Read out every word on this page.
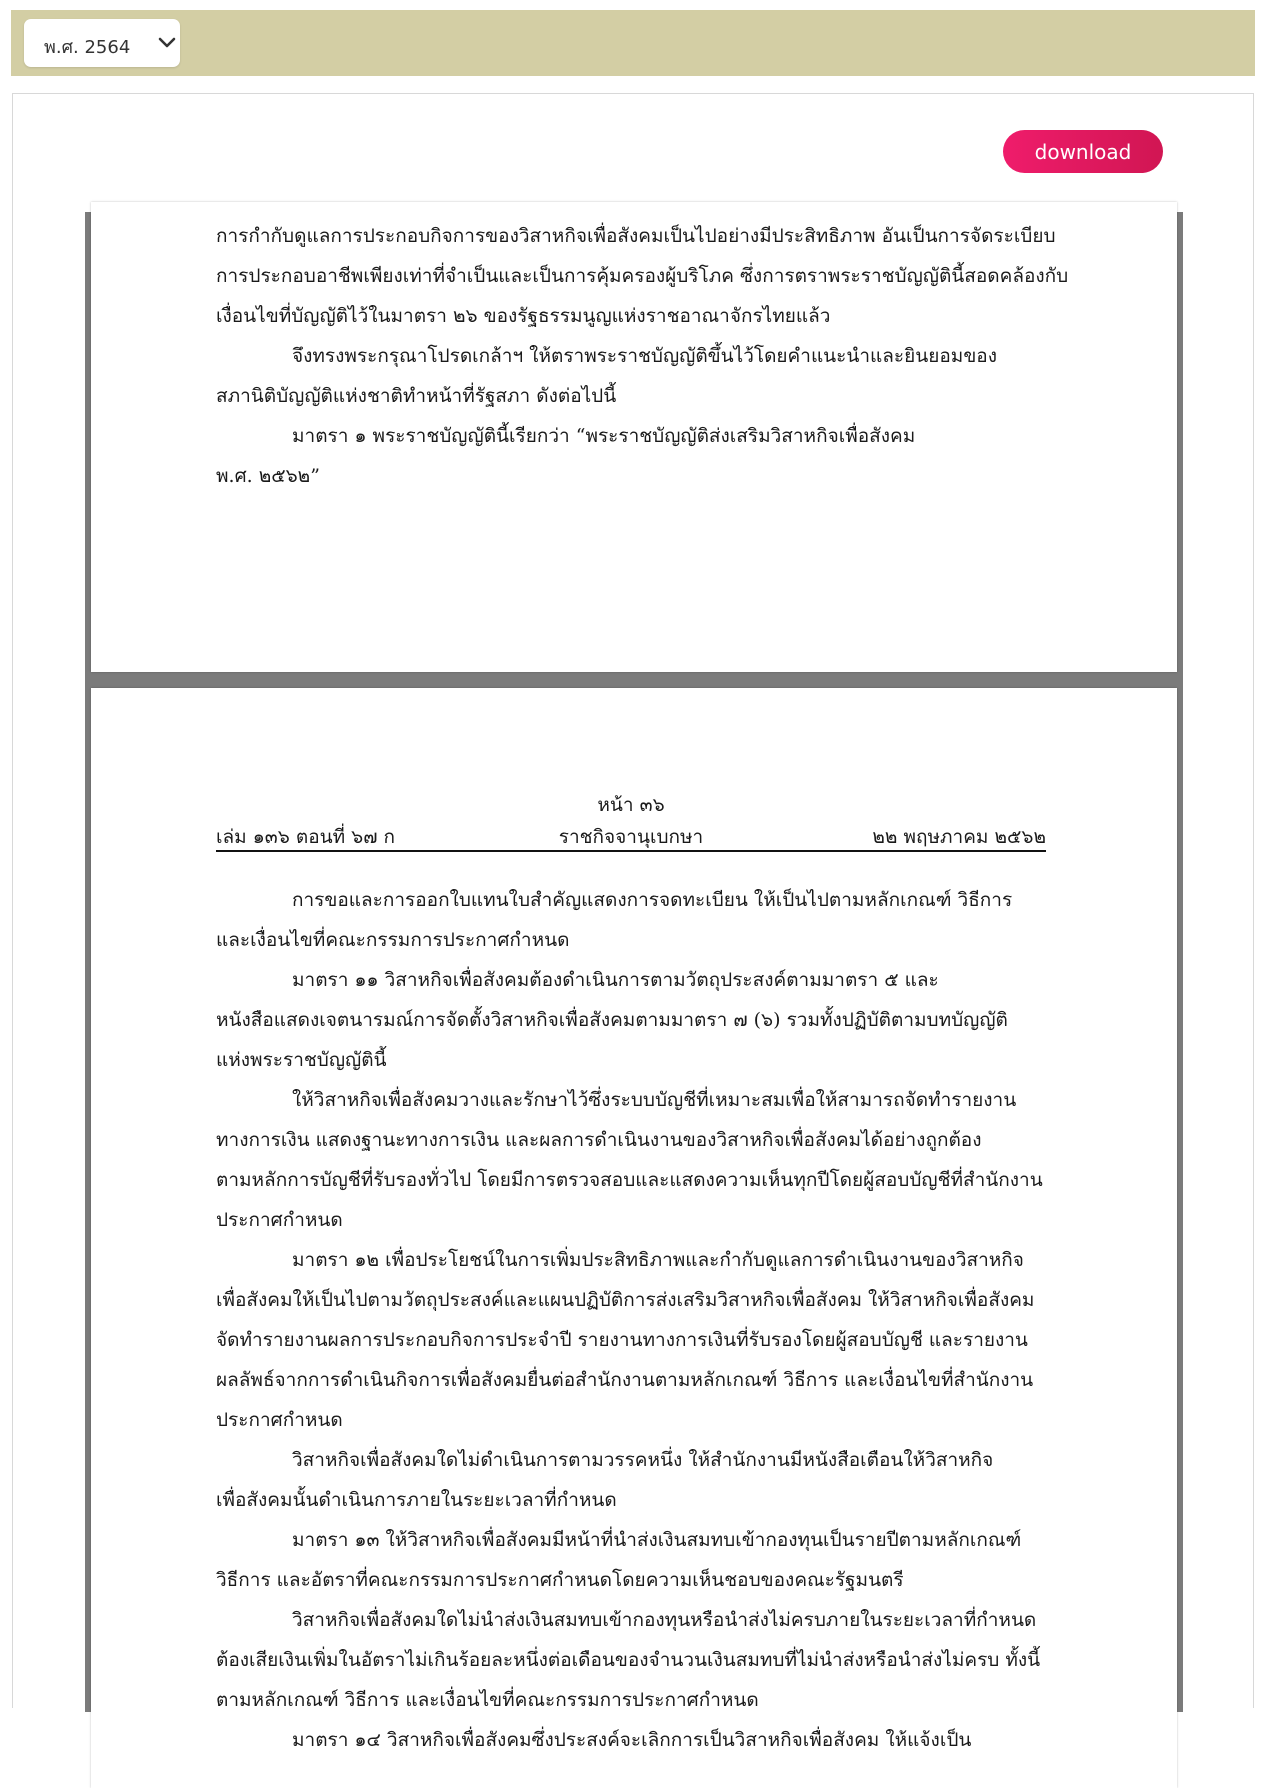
พ.ศ. 2564
download

การกำกับดูแลการประกอบกิจการของวิสาหกิจเพื่อสังคมเป็นไปอย่างมีประสิทธิภาพ อันเป็นการจัดระเบียบ

การประกอบอาชีพเพียงเท่าที่จำเป็นและเป็นการคุ้มครองผู้บริโภค ซึ่งการตราพระราชบัญญัตินี้สอดคล้องกับ

เงื่อนไขที่บัญญัติไว้ในมาตรา ๒๖ ของรัฐธรรมนูญแห่งราชอาณาจักรไทยแล้ว

จึงทรงพระกรุณาโปรดเกล้าฯ ให้ตราพระราชบัญญัติขึ้นไว้โดยคำแนะนำและยินยอมของ

สภานิติบัญญัติแห่งชาติทำหน้าที่รัฐสภา ดังต่อไปนี้

มาตรา ๑ พระราชบัญญัตินี้เรียกว่า “พระราชบัญญัติส่งเสริมวิสาหกิจเพื่อสังคม

พ.ศ. ๒๕๖๒”

หน้า ๓๖
เล่ม ๑๓๖ ตอนที่ ๖๗ ก	ราชกิจจานุเบกษา	๒๒ พฤษภาคม ๒๕๖๒

การขอและการออกใบแทนใบสำคัญแสดงการจดทะเบียน ให้เป็นไปตามหลักเกณฑ์ วิธีการ

และเงื่อนไขที่คณะกรรมการประกาศกำหนด

มาตรา ๑๑ วิสาหกิจเพื่อสังคมต้องดำเนินการตามวัตถุประสงค์ตามมาตรา ๕ และ

หนังสือแสดงเจตนารมณ์การจัดตั้งวิสาหกิจเพื่อสังคมตามมาตรา ๗ (๖) รวมทั้งปฏิบัติตามบทบัญญัติ

แห่งพระราชบัญญัตินี้

ให้วิสาหกิจเพื่อสังคมวางและรักษาไว้ซึ่งระบบบัญชีที่เหมาะสมเพื่อให้สามารถจัดทำรายงาน

ทางการเงิน แสดงฐานะทางการเงิน และผลการดำเนินงานของวิสาหกิจเพื่อสังคมได้อย่างถูกต้อง

ตามหลักการบัญชีที่รับรองทั่วไป โดยมีการตรวจสอบและแสดงความเห็นทุกปีโดยผู้สอบบัญชีที่สำนักงาน

ประกาศกำหนด

มาตรา ๑๒ เพื่อประโยชน์ในการเพิ่มประสิทธิภาพและกำกับดูแลการดำเนินงานของวิสาหกิจ

เพื่อสังคมให้เป็นไปตามวัตถุประสงค์และแผนปฏิบัติการส่งเสริมวิสาหกิจเพื่อสังคม ให้วิสาหกิจเพื่อสังคม

จัดทำรายงานผลการประกอบกิจการประจำปี รายงานทางการเงินที่รับรองโดยผู้สอบบัญชี และรายงาน

ผลลัพธ์จากการดำเนินกิจการเพื่อสังคมยื่นต่อสำนักงานตามหลักเกณฑ์ วิธีการ และเงื่อนไขที่สำนักงาน

ประกาศกำหนด

วิสาหกิจเพื่อสังคมใดไม่ดำเนินการตามวรรคหนึ่ง ให้สำนักงานมีหนังสือเตือนให้วิสาหกิจ

เพื่อสังคมนั้นดำเนินการภายในระยะเวลาที่กำหนด

มาตรา ๑๓ ให้วิสาหกิจเพื่อสังคมมีหน้าที่นำส่งเงินสมทบเข้ากองทุนเป็นรายปีตามหลักเกณฑ์

วิธีการ และอัตราที่คณะกรรมการประกาศกำหนดโดยความเห็นชอบของคณะรัฐมนตรี

วิสาหกิจเพื่อสังคมใดไม่นำส่งเงินสมทบเข้ากองทุนหรือนำส่งไม่ครบภายในระยะเวลาที่กำหนด

ต้องเสียเงินเพิ่มในอัตราไม่เกินร้อยละหนึ่งต่อเดือนของจำนวนเงินสมทบที่ไม่นำส่งหรือนำส่งไม่ครบ ทั้งนี้

ตามหลักเกณฑ์ วิธีการ และเงื่อนไขที่คณะกรรมการประกาศกำหนด

มาตรา ๑๔ วิสาหกิจเพื่อสังคมซึ่งประสงค์จะเลิกการเป็นวิสาหกิจเพื่อสังคม ให้แจ้งเป็น
